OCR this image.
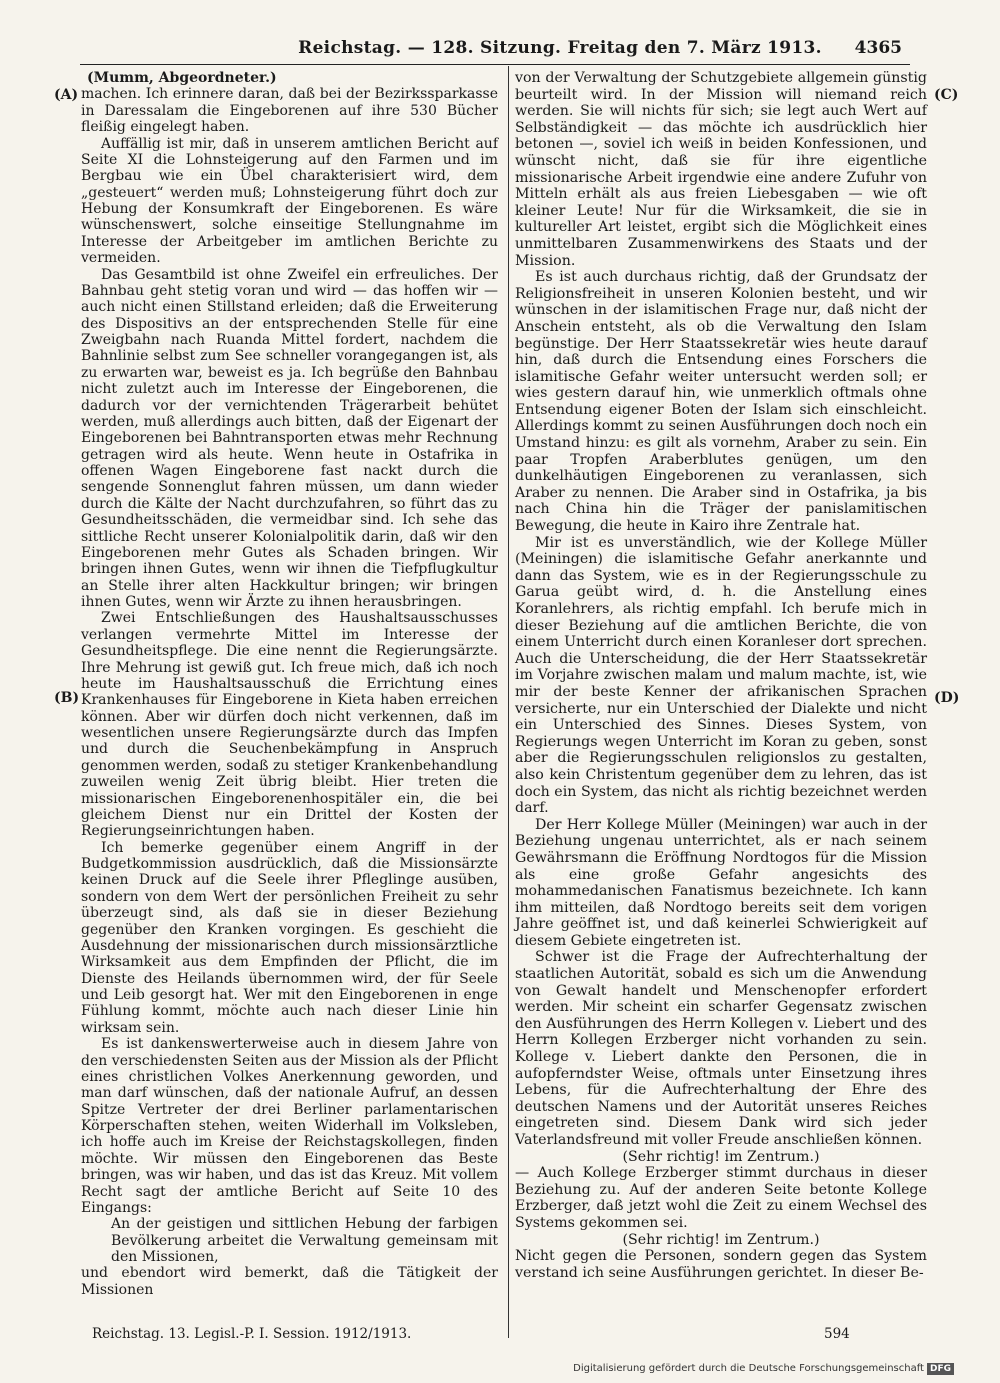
Reichstag. — 128. Sitzung. Freitag den 7. März 1913.	4365
(A)
(B)
(C)
(D)

(Mumm, Abgeordneter.)

machen. Ich erinnere daran, daß bei der Bezirkssparkasse in Daressalam die Eingeborenen auf ihre 530 Bücher fleißig eingelegt haben.

Auffällig ist mir, daß in unserem amtlichen Bericht auf Seite XI die Lohnsteigerung auf den Farmen und im Bergbau wie ein Übel charakterisiert wird, dem „gesteuert“ werden muß; Lohnsteigerung führt doch zur Hebung der Konsumkraft der Eingeborenen. Es wäre wünschenswert, solche einseitige Stellungnahme im Interesse der Arbeitgeber im amtlichen Berichte zu vermeiden.

Das Gesamtbild ist ohne Zweifel ein erfreuliches. Der Bahnbau geht stetig voran und wird — das hoffen wir — auch nicht einen Stillstand erleiden; daß die Erweiterung des Dispositivs an der entsprechenden Stelle für eine Zweigbahn nach Ruanda Mittel fordert, nachdem die Bahnlinie selbst zum See schneller vorangegangen ist, als zu erwarten war, beweist es ja. Ich begrüße den Bahnbau nicht zuletzt auch im Interesse der Eingeborenen, die dadurch vor der vernichtenden Trägerarbeit behütet werden, muß allerdings auch bitten, daß der Eigenart der Eingeborenen bei Bahntransporten etwas mehr Rechnung getragen wird als heute. Wenn heute in Ostafrika in offenen Wagen Eingeborene fast nackt durch die sengende Sonnenglut fahren müssen, um dann wieder durch die Kälte der Nacht durchzufahren, so führt das zu Gesundheitsschäden, die vermeidbar sind. Ich sehe das sittliche Recht unserer Kolonialpolitik darin, daß wir den Eingeborenen mehr Gutes als Schaden bringen. Wir bringen ihnen Gutes, wenn wir ihnen die Tiefpflugkultur an Stelle ihrer alten Hackkultur bringen; wir bringen ihnen Gutes, wenn wir Ärzte zu ihnen herausbringen.

Zwei Entschließungen des Haushaltsausschusses verlangen vermehrte Mittel im Interesse der Gesundheitspflege. Die eine nennt die Regierungsärzte. Ihre Mehrung ist gewiß gut. Ich freue mich, daß ich noch heute im Haushaltsausschuß die Errichtung eines Krankenhauses für Eingeborene in Kieta haben erreichen können. Aber wir dürfen doch nicht verkennen, daß im wesentlichen unsere Regierungsärzte durch das Impfen und durch die Seuchenbekämpfung in Anspruch genommen werden, sodaß zu stetiger Krankenbehandlung zuweilen wenig Zeit übrig bleibt. Hier treten die missionarischen Eingeborenenhospitäler ein, die bei gleichem Dienst nur ein Drittel der Kosten der Regierungseinrichtungen haben.

Ich bemerke gegenüber einem Angriff in der Budgetkommission ausdrücklich, daß die Missionsärzte keinen Druck auf die Seele ihrer Pfleglinge ausüben, sondern von dem Wert der persönlichen Freiheit zu sehr überzeugt sind, als daß sie in dieser Beziehung gegenüber den Kranken vorgingen. Es geschieht die Ausdehnung der missionarischen durch missionsärztliche Wirksamkeit aus dem Empfinden der Pflicht, die im Dienste des Heilands übernommen wird, der für Seele und Leib gesorgt hat. Wer mit den Eingeborenen in enge Fühlung kommt, möchte auch nach dieser Linie hin wirksam sein.

Es ist dankenswerterweise auch in diesem Jahre von den verschiedensten Seiten aus der Mission als der Pflicht eines christlichen Volkes Anerkennung geworden, und man darf wünschen, daß der nationale Aufruf, an dessen Spitze Vertreter der drei Berliner parlamentarischen Körperschaften stehen, weiten Widerhall im Volksleben, ich hoffe auch im Kreise der Reichstagskollegen, finden möchte. Wir müssen den Eingeborenen das Beste bringen, was wir haben, und das ist das Kreuz. Mit vollem Recht sagt der amtliche Bericht auf Seite 10 des Eingangs:

An der geistigen und sittlichen Hebung der farbigen Bevölkerung arbeitet die Verwaltung gemeinsam mit den Missionen,

und ebendort wird bemerkt, daß die Tätigkeit der Missionen

von der Verwaltung der Schutzgebiete allgemein günstig beurteilt wird. In der Mission will niemand reich werden. Sie will nichts für sich; sie legt auch Wert auf Selbständigkeit — das möchte ich ausdrücklich hier betonen —, soviel ich weiß in beiden Konfessionen, und wünscht nicht, daß sie für ihre eigentliche missionarische Arbeit irgendwie eine andere Zufuhr von Mitteln erhält als aus freien Liebesgaben — wie oft kleiner Leute! Nur für die Wirksamkeit, die sie in kultureller Art leistet, ergibt sich die Möglichkeit eines unmittelbaren Zusammenwirkens des Staats und der Mission.

Es ist auch durchaus richtig, daß der Grundsatz der Religionsfreiheit in unseren Kolonien besteht, und wir wünschen in der islamitischen Frage nur, daß nicht der Anschein entsteht, als ob die Verwaltung den Islam begünstige. Der Herr Staatssekretär wies heute darauf hin, daß durch die Entsendung eines Forschers die islamitische Gefahr weiter untersucht werden soll; er wies gestern darauf hin, wie unmerklich oftmals ohne Entsendung eigener Boten der Islam sich einschleicht. Allerdings kommt zu seinen Ausführungen doch noch ein Umstand hinzu: es gilt als vornehm, Araber zu sein. Ein paar Tropfen Araberblutes genügen, um den dunkelhäutigen Eingeborenen zu veranlassen, sich Araber zu nennen. Die Araber sind in Ostafrika, ja bis nach China hin die Träger der panislamitischen Bewegung, die heute in Kairo ihre Zentrale hat.

Mir ist es unverständlich, wie der Kollege Müller (Meiningen) die islamitische Gefahr anerkannte und dann das System, wie es in der Regierungsschule zu Garua geübt wird, d. h. die Anstellung eines Koranlehrers, als richtig empfahl. Ich berufe mich in dieser Beziehung auf die amtlichen Berichte, die von einem Unterricht durch einen Koranleser dort sprechen. Auch die Unterscheidung, die der Herr Staatssekretär im Vorjahre zwischen malam und malum machte, ist, wie mir der beste Kenner der afrikanischen Sprachen versicherte, nur ein Unterschied der Dialekte und nicht ein Unterschied des Sinnes. Dieses System, von Regierungs wegen Unterricht im Koran zu geben, sonst aber die Regierungsschulen religionslos zu gestalten, also kein Christentum gegenüber dem zu lehren, das ist doch ein System, das nicht als richtig bezeichnet werden darf.

Der Herr Kollege Müller (Meiningen) war auch in der Beziehung ungenau unterrichtet, als er nach seinem Gewährsmann die Eröffnung Nordtogos für die Mission als eine große Gefahr angesichts des mohammedanischen Fanatismus bezeichnete. Ich kann ihm mitteilen, daß Nordtogo bereits seit dem vorigen Jahre geöffnet ist, und daß keinerlei Schwierigkeit auf diesem Gebiete eingetreten ist.

Schwer ist die Frage der Aufrechterhaltung der staatlichen Autorität, sobald es sich um die Anwendung von Gewalt handelt und Menschenopfer erfordert werden. Mir scheint ein scharfer Gegensatz zwischen den Ausführungen des Herrn Kollegen v. Liebert und des Herrn Kollegen Erzberger nicht vorhanden zu sein. Kollege v. Liebert dankte den Personen, die in aufopferndster Weise, oftmals unter Einsetzung ihres Lebens, für die Aufrechterhaltung der Ehre des deutschen Namens und der Autorität unseres Reiches eingetreten sind. Diesem Dank wird sich jeder Vaterlandsfreund mit voller Freude anschließen können.

(Sehr richtig! im Zentrum.)

— Auch Kollege Erzberger stimmt durchaus in dieser Beziehung zu. Auf der anderen Seite betonte Kollege Erzberger, daß jetzt wohl die Zeit zu einem Wechsel des Systems gekommen sei.

(Sehr richtig! im Zentrum.)

Nicht gegen die Personen, sondern gegen das System verstand ich seine Ausführungen gerichtet. In dieser Be-

Reichstag. 13. Legisl.-P. I. Session. 1912/1913.	594
Digitalisierung gefördert durch die Deutsche Forschungsgemeinschaft DFG
